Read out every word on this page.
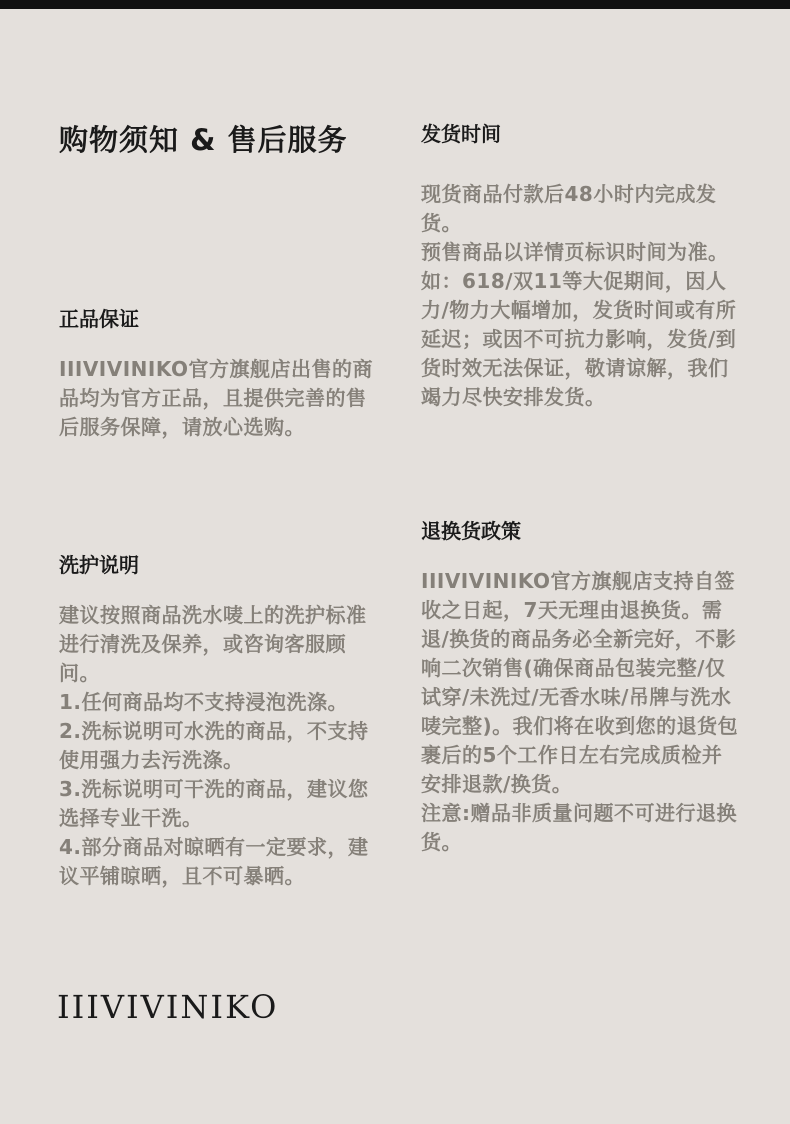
购物须知 & 售后服务
正品保证

IIIVIVINIKO官方旗舰店出售的商品均为官方正品，且提供完善的售后服务保障，请放心选购。

洗护说明

建议按照商品洗水唛上的洗护标准进行清洗及保养，或咨询客服顾问。

1.任何商品均不支持浸泡洗涤。

2.洗标说明可水洗的商品，不支持使用强力去污洗涤。

3.洗标说明可干洗的商品，建议您选择专业干洗。

4.部分商品对晾晒有一定要求，建议平铺晾晒，且不可暴晒。

发货时间

现货商品付款后48小时内完成发货。

预售商品以详情页标识时间为准。如：618/双11等大促期间，因人力/物力大幅增加，发货时间或有所延迟；或因不可抗力影响，发货/到货时效无法保证，敬请谅解，我们竭力尽快安排发货。

退换货政策

IIIVIVINIKO官方旗舰店支持自签收之日起，7天无理由退换货。需退/换货的商品务必全新完好，不影响二次销售(确保商品包装完整/仅试穿/未洗过/无香水味/吊牌与洗水唛完整)。我们将在收到您的退货包裹后的5个工作日左右完成质检并安排退款/换货。

注意:赠品非质量问题不可进行退换货。

IIIVIVINIKO
